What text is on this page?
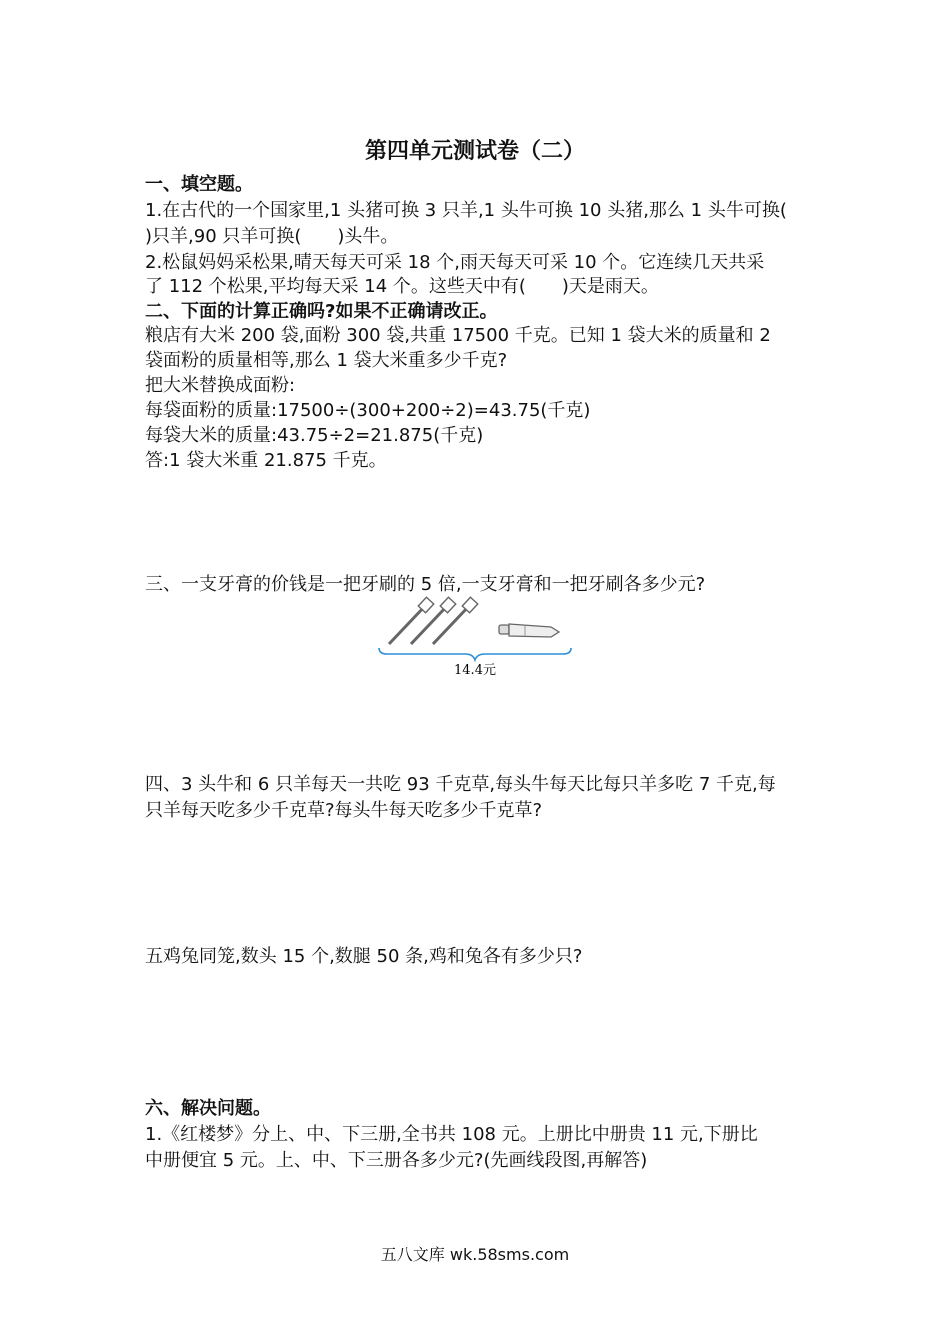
第四单元测试卷（二）
一、填空题。
1.在古代的一个国家里,1 头猪可换 3 只羊,1 头牛可换 10 头猪,那么 1 头牛可换(
)只羊,90 只羊可换(　　)头牛。
2.松鼠妈妈采松果,晴天每天可采 18 个,雨天每天可采 10 个。它连续几天共采
了 112 个松果,平均每天采 14 个。这些天中有(　　)天是雨天。
二、下面的计算正确吗?如果不正确请改正。
粮店有大米 200 袋,面粉 300 袋,共重 17500 千克。已知 1 袋大米的质量和 2
袋面粉的质量相等,那么 1 袋大米重多少千克?
把大米替换成面粉:
每袋面粉的质量:17500÷(300+200÷2)=43.75(千克)
每袋大米的质量:43.75÷2=21.875(千克)
答:1 袋大米重 21.875 千克。
三、一支牙膏的价钱是一把牙刷的 5 倍,一支牙膏和一把牙刷各多少元?
14.4元
四、3 头牛和 6 只羊每天一共吃 93 千克草,每头牛每天比每只羊多吃 7 千克,每
只羊每天吃多少千克草?每头牛每天吃多少千克草?
五鸡兔同笼,数头 15 个,数腿 50 条,鸡和兔各有多少只?
六、解决问题。
1.《红楼梦》分上、中、下三册,全书共 108 元。上册比中册贵 11 元,下册比
中册便宜 5 元。上、中、下三册各多少元?(先画线段图,再解答)
五八文库 wk.58sms.com
